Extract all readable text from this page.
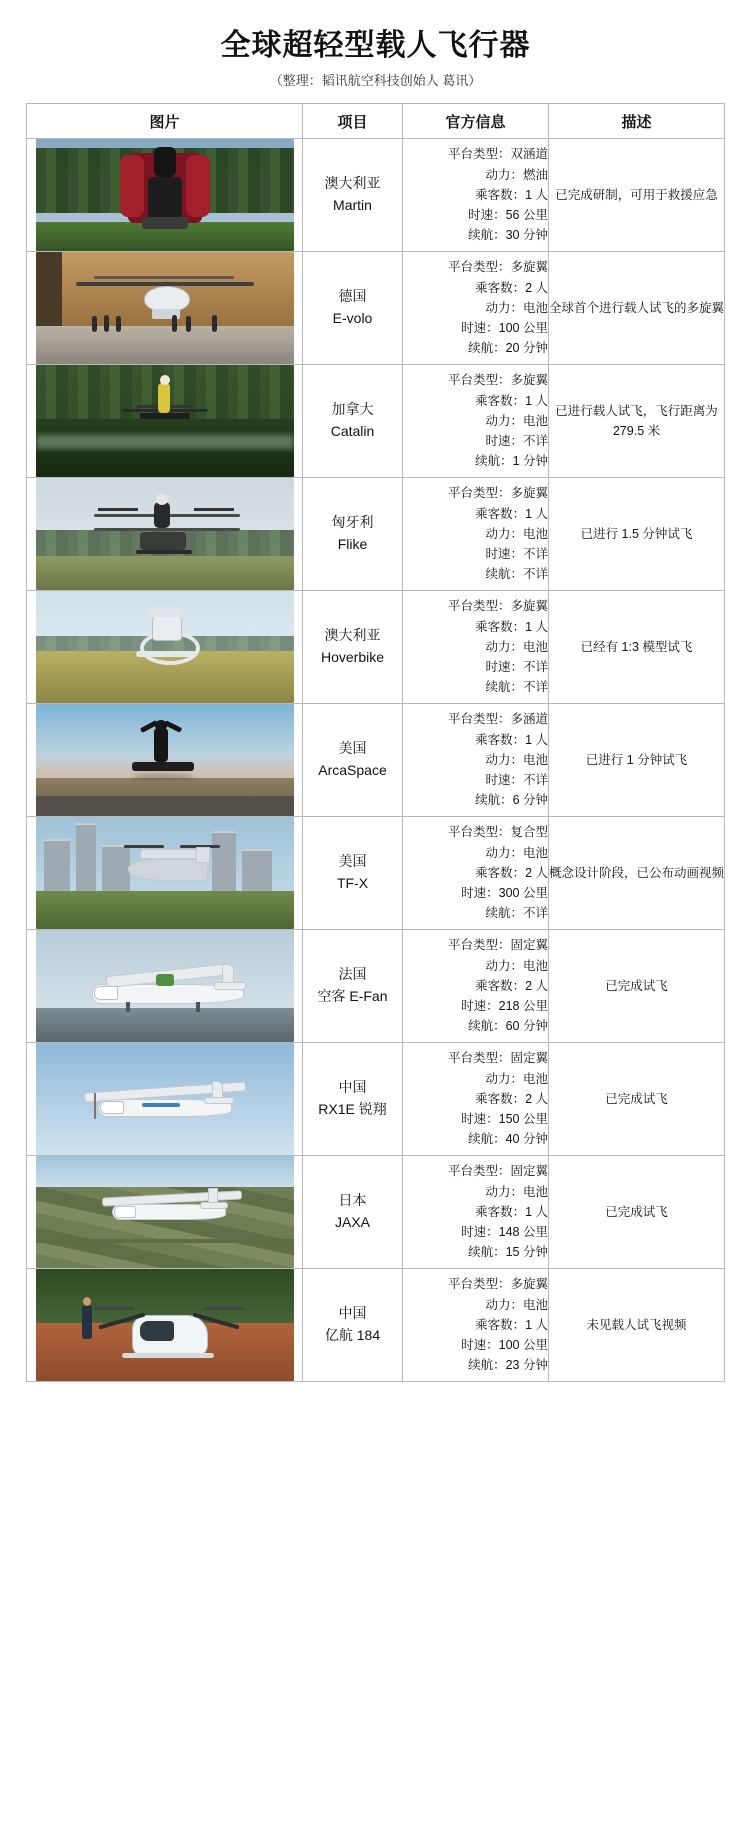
全球超轻型载人飞行器
（整理：韬讯航空科技创始人 葛讯）
图片	项目	官方信息	描述

	澳大利亚
Martin	平台类型：双涵道
动力：燃油
乘客数：1 人
时速：56 公里
续航：30 分钟	已完成研制，可用于救援应急

	德国
E-volo	平台类型：多旋翼
乘客数：2 人
动力：电池
时速：100 公里
续航：20 分钟	全球首个进行载人试飞的多旋翼

	加拿大
Catalin	平台类型：多旋翼
乘客数：1 人
动力：电池
时速：不详
续航：1 分钟	已进行载人试飞，飞行距离为 279.5 米

	匈牙利
Flike	平台类型：多旋翼
乘客数：1 人
动力：电池
时速：不详
续航：不详	已进行 1.5 分钟试飞

	澳大利亚
Hoverbike	平台类型：多旋翼
乘客数：1 人
动力：电池
时速：不详
续航：不详	已经有 1:3 模型试飞

	美国
ArcaSpace	平台类型：多涵道
乘客数：1 人
动力：电池
时速：不详
续航：6 分钟	已进行 1 分钟试飞

	美国
TF-X	平台类型：复合型
动力：电池
乘客数：2 人
时速：300 公里
续航：不详	概念设计阶段，已公布动画视频

	法国
空客 E-Fan	平台类型：固定翼
动力：电池
乘客数：2 人
时速：218 公里
续航：60 分钟	已完成试飞

	中国
RX1E 锐翔	平台类型：固定翼
动力：电池
乘客数：2 人
时速：150 公里
续航：40 分钟	已完成试飞

	日本
JAXA	平台类型：固定翼
动力：电池
乘客数：1 人
时速：148 公里
续航：15 分钟	已完成试飞

	中国
亿航 184	平台类型：多旋翼
动力：电池
乘客数：1 人
时速：100 公里
续航：23 分钟	未见载人试飞视频
